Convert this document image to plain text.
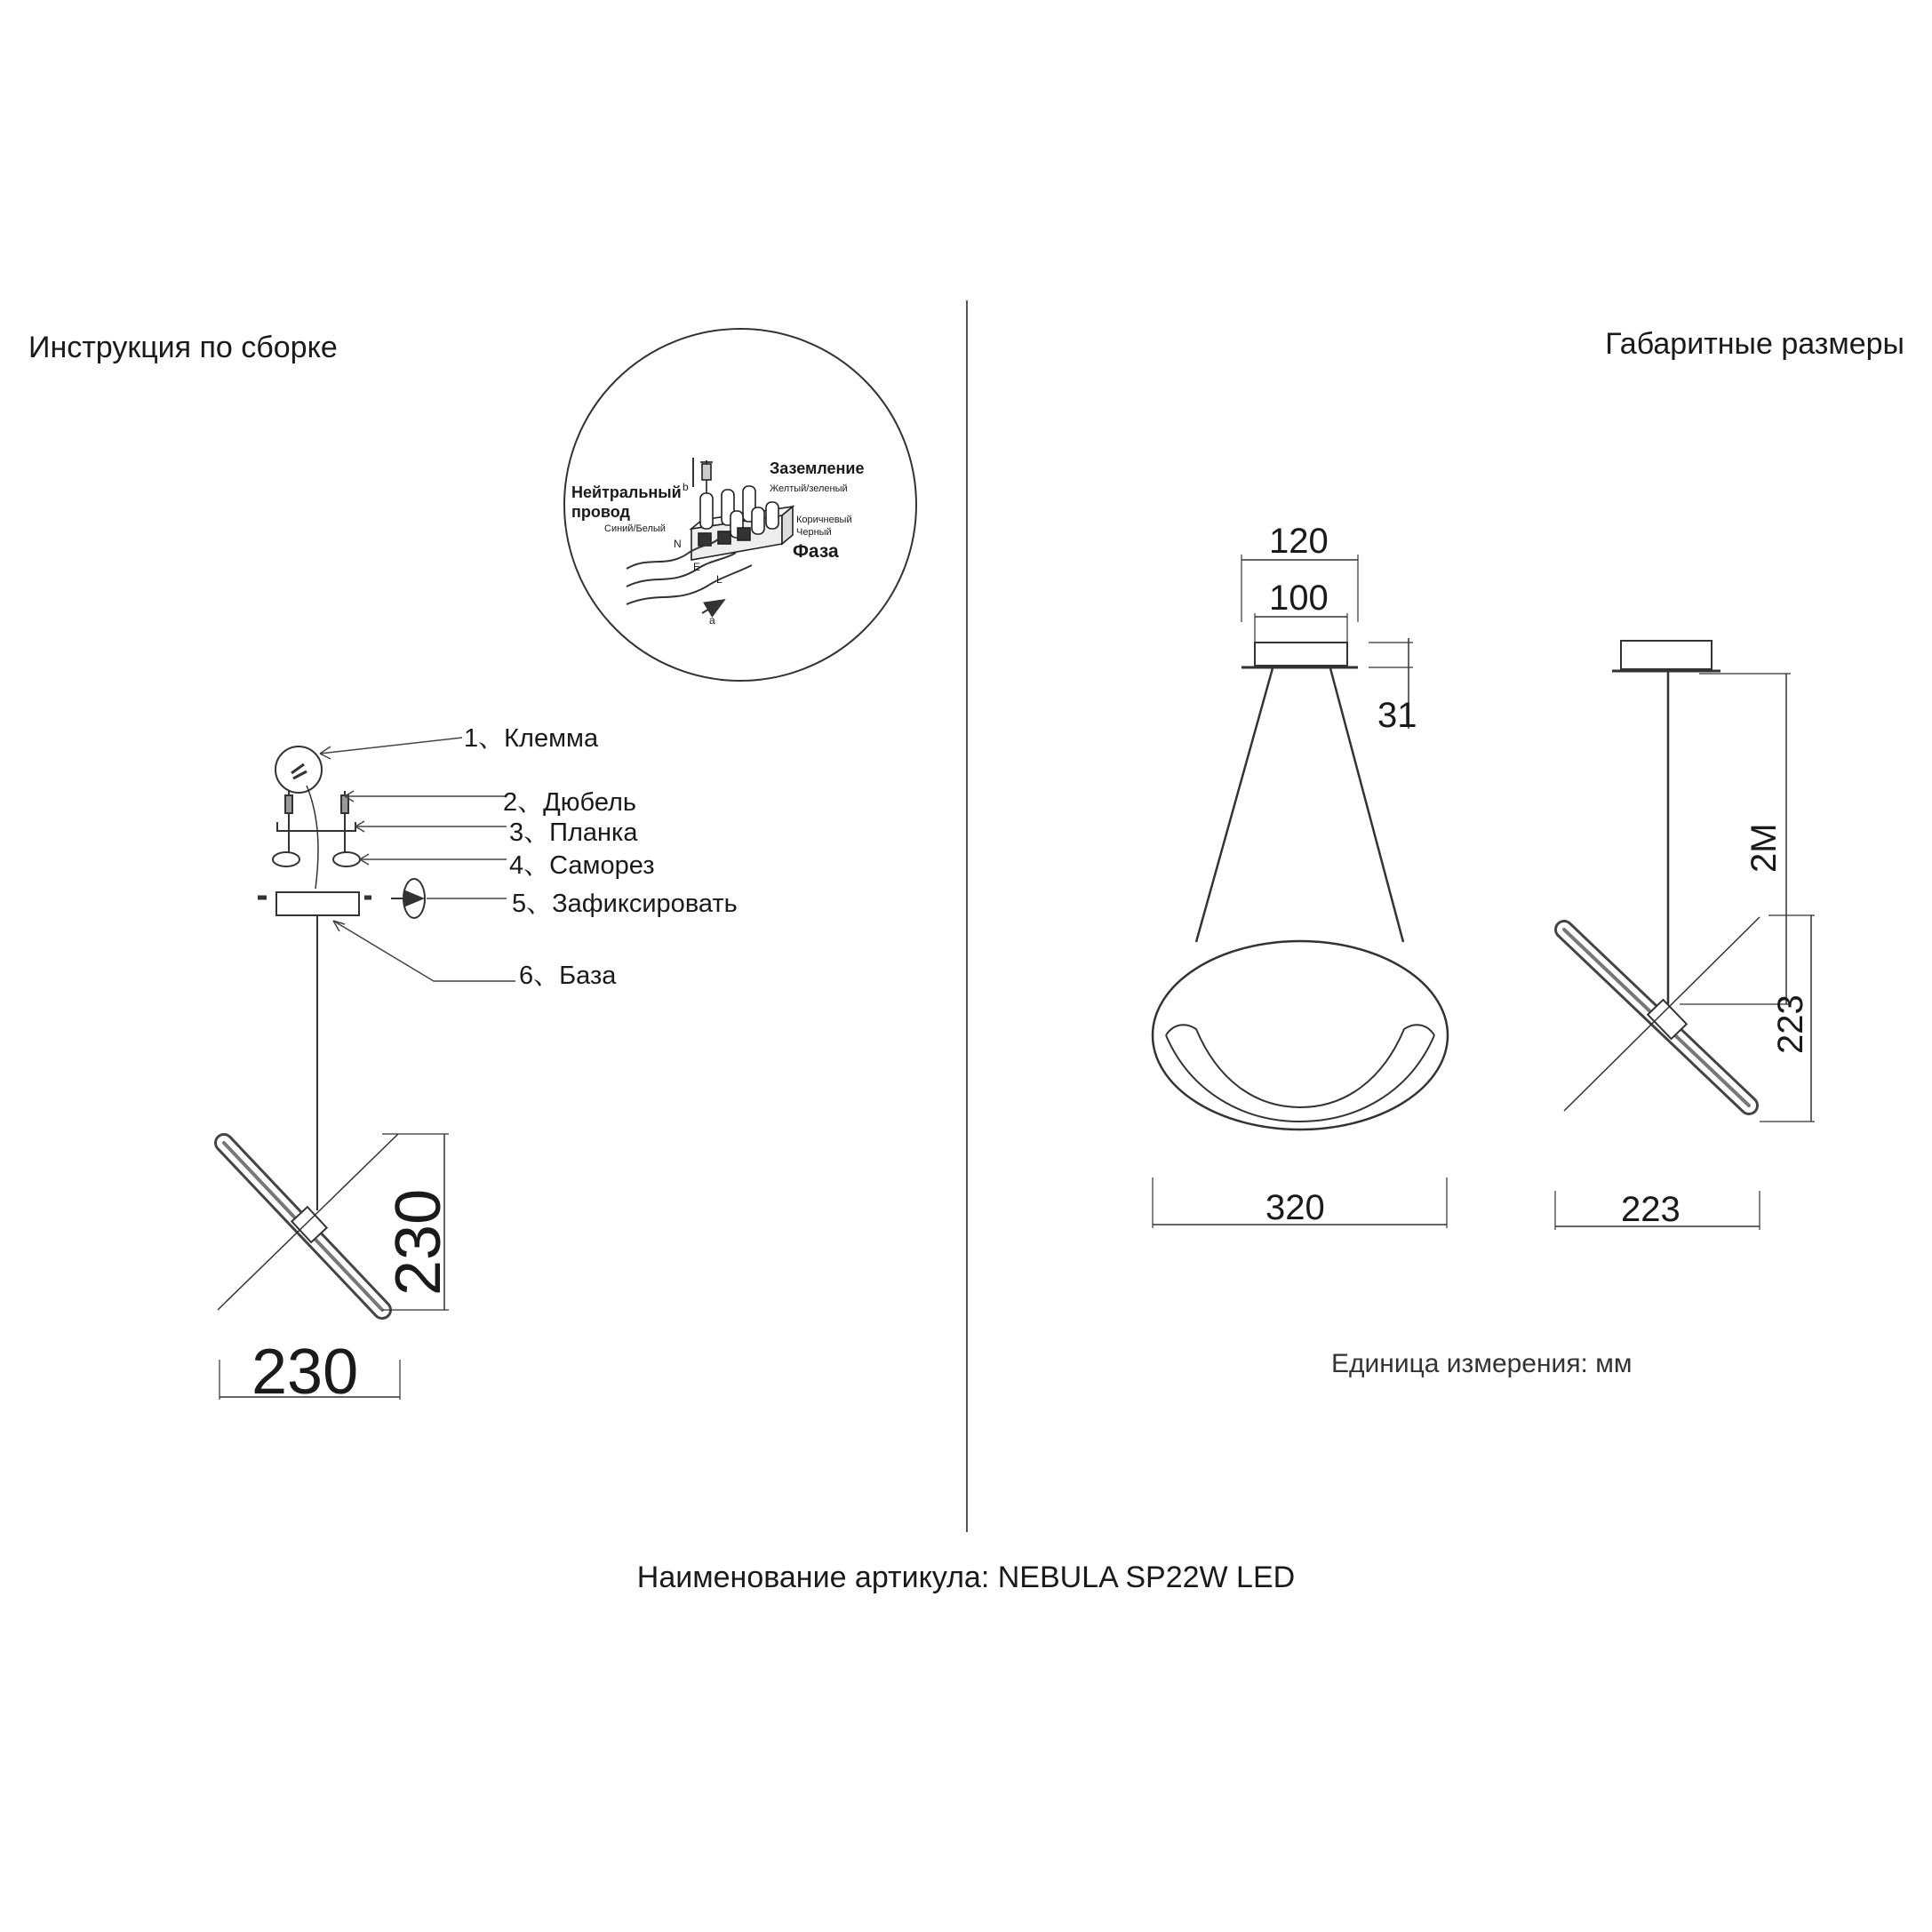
Инструкция по сборке	Габаритные размеры
Нейтральный
провод
Синий/Белый
Заземление
Желтый/зеленый
Коричневый
Черный
Фаза
N
E
L
b
a
230
230
120
100
31
320
2M
223
223
1、Клемма
2、Дюбель
3、Планка
4、Саморез
5、Зафиксировать
6、База
Единица измерения: мм
Наименование артикула: NEBULA SP22W LED
